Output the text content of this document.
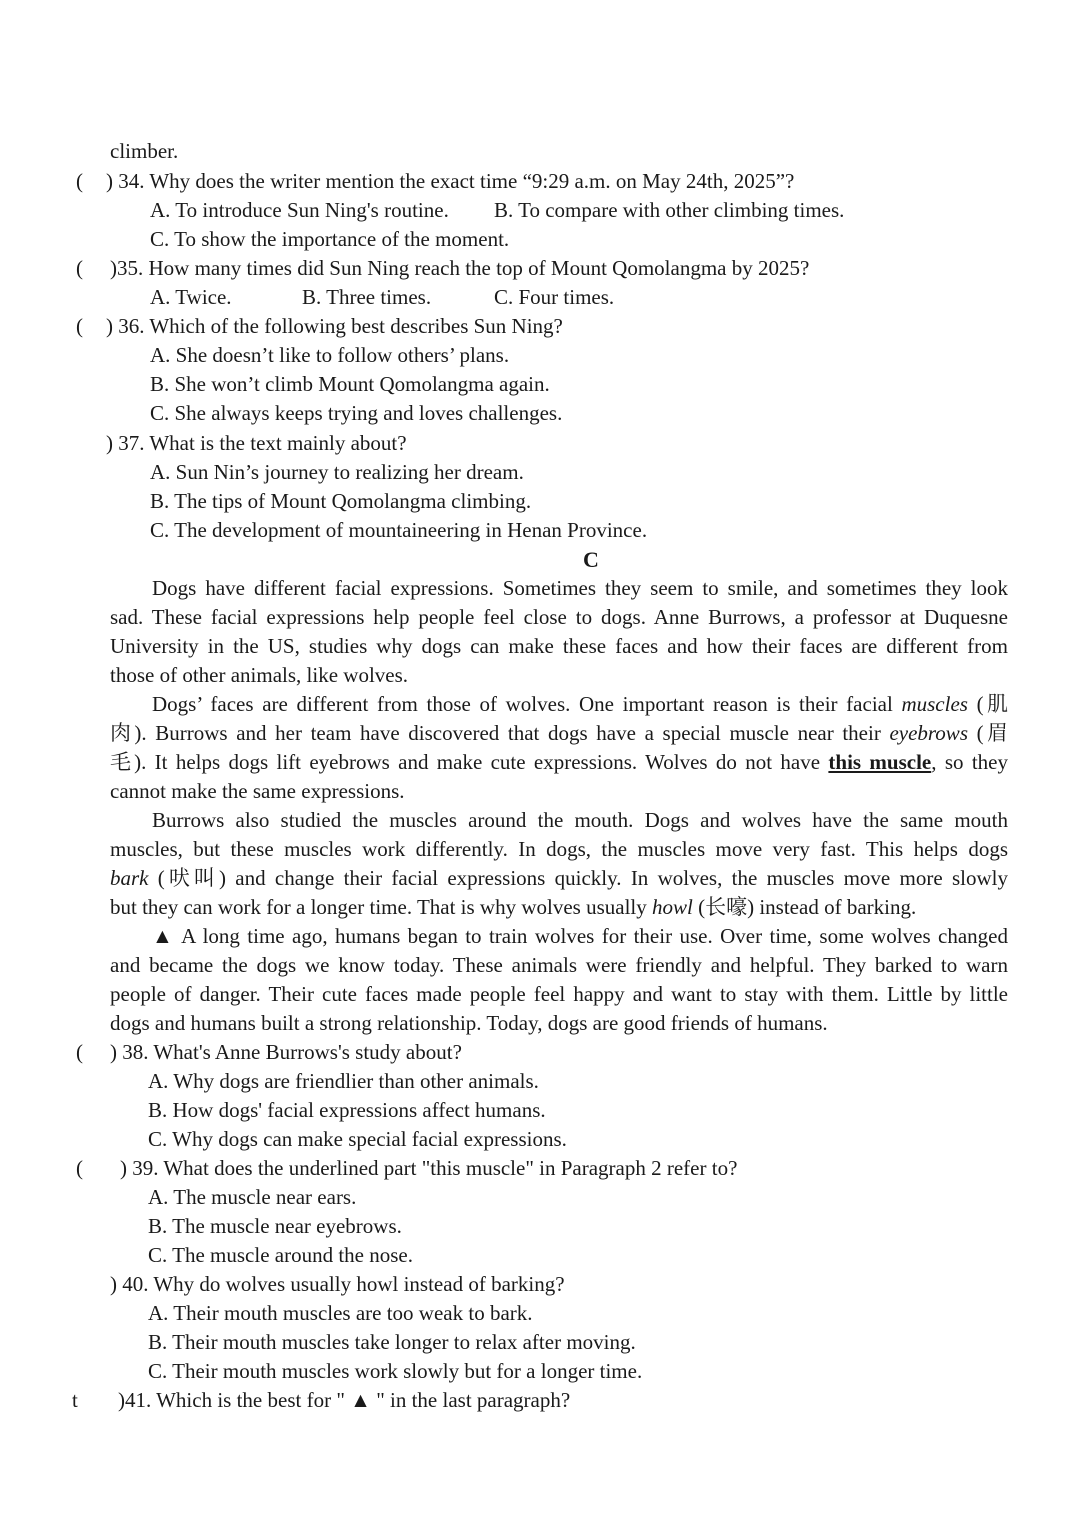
climber.
( ) 34. Why does the writer mention the exact time “9:29 a.m. on May 24th, 2025”?
A. To introduce Sun Ning's routine. B. To compare with other climbing times.
C. To show the importance of the moment.
( )35. How many times did Sun Ning reach the top of Mount Qomolangma by 2025?
A. Twice.	B. Three times.	C. Four times.
( ) 36. Which of the following best describes Sun Ning?
A. She doesn’t like to follow others’ plans.
B. She won’t climb Mount Qomolangma again.
C. She always keeps trying and loves challenges.
) 37. What is the text mainly about?
A. Sun Nin’s journey to realizing her dream.
B. The tips of Mount Qomolangma climbing.
C. The development of mountaineering in Henan Province.
C
Dogs have different facial expressions. Sometimes they seem to smile, and sometimes they look
sad. These facial expressions help people feel close to dogs. Anne Burrows, a professor at Duquesne
University in the US, studies why dogs can make these faces and how their faces are different from
those of other animals, like wolves.
Dogs’ faces are different from those of wolves. One important reason is their facial muscles (肌
肉). Burrows and her team have discovered that dogs have a special muscle near their eyebrows (眉
毛). It helps dogs lift eyebrows and make cute expressions. Wolves do not have this muscle, so they
cannot make the same expressions.
Burrows also studied the muscles around the mouth. Dogs and wolves have the same mouth
muscles, but these muscles work differently. In dogs, the muscles move very fast. This helps dogs
bark (吠叫) and change their facial expressions quickly. In wolves, the muscles move more slowly
but they can work for a longer time. That is why wolves usually howl (长嚎) instead of barking.
▲ A long time ago, humans began to train wolves for their use. Over time, some wolves changed
and became the dogs we know today. These animals were friendly and helpful. They barked to warn
people of danger. Their cute faces made people feel happy and want to stay with them. Little by little
dogs and humans built a strong relationship. Today, dogs are good friends of humans.
( ) 38. What's Anne Burrows's study about?
A. Why dogs are friendlier than other animals.
B. How dogs' facial expressions affect humans.
C. Why dogs can make special facial expressions.
( ) 39. What does the underlined part "this muscle" in Paragraph 2 refer to?
A. The muscle near ears.
B. The muscle near eyebrows.
C. The muscle around the nose.
) 40. Why do wolves usually howl instead of barking?
A. Their mouth muscles are too weak to bark.
B. Their mouth muscles take longer to relax after moving.
C. Their mouth muscles work slowly but for a longer time.
t )41. Which is the best for " ▲ " in the last paragraph?
